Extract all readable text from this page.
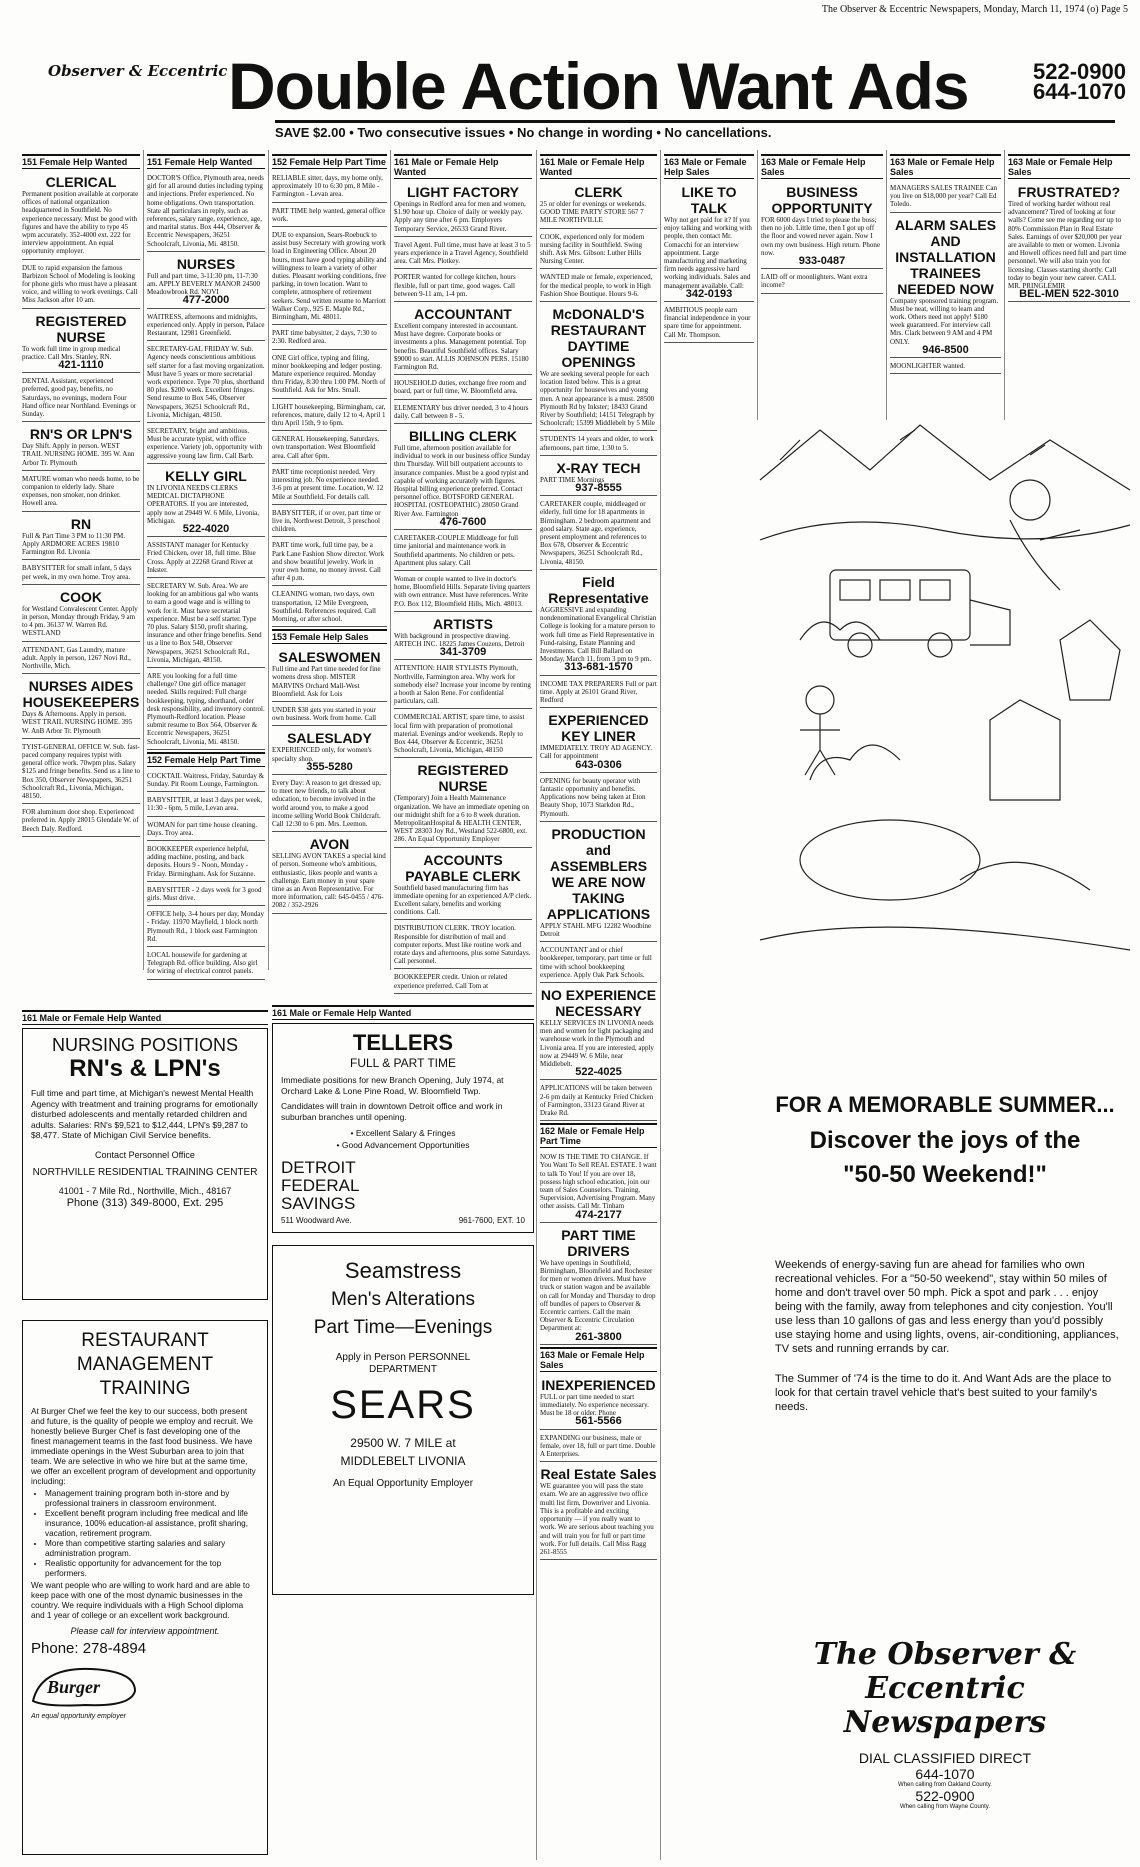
The Observer & Eccentric Newspapers, Monday, March 11, 1974 (o) Page 5
Observer & Eccentric Double Action Want Ads	522-0900
644-1070
SAVE $2.00 • Two consecutive issues • No change in wording • No cancellations.
151 Female Help Wanted
CLERICAL
Permanent position available at corporate offices of national organization headquartered in Southfield. No experience necessary. Must be good with figures and have the ability to type 45 wpm accurately. 352-4000 ext. 222 for interview appointment. An equal opportunity employer.
DUE to rapid expansion the famous Barbizon School of Modeling is looking for phone girls who must have a pleasant voice, and willing to work evenings. Call Miss Jackson after 10 am.
REGISTERED NURSE
To work full time in group medical practice. Call Mrs. Stanley, RN.
421-1110
DENTAL Assistant, experienced preferred, good pay, benefits, no Saturdays, no evenings, modern Four Hand office near Northland. Evenings or Sunday.
RN'S OR LPN'S
Day Shift. Apply in person. WEST TRAIL NURSING HOME. 395 W. Ann Arbor Tr. Plymouth
MATURE woman who needs home, to be companion to elderly lady. Share expenses, non smoker, non drinker. Howell area.
RN
Full & Part Time 3 PM to 11:30 PM. Apply ARDMORE ACRES 19810 Farmington Rd. Livonia
BABYSITTER for small infant, 5 days per week, in my own home. Troy area.
COOK
for Westland Convalescent Center. Apply in person, Monday through Friday, 9 am to 4 pm. 36137 W. Warren Rd. WESTLAND
ATTENDANT, Gas Laundry, mature adult. Apply in person, 1267 Novi Rd., Northville, Mich.
NURSES AIDES HOUSEKEEPERS
Days & Afternoons. Apply in person. WEST TRAIL NURSING HOME. 395 W. AnB Arbor Tr. Plymouth
TYIST-GENERAL OFFICE W. Sub. fast-paced company requires typist with general office work. 70wpm plus. Salary $125 and fringe benefits. Send us a line to Box 350, Observer Newspapers, 36251 Schoolcraft Rd., Livonia, Michigan, 48150.
FOR aluminum door shop. Experienced preferred in. Apply 28015 Glendale W. of Beech Daly. Redford.
151 Female Help Wanted
DOCTOR'S Office, Plymouth area, needs girl for all around duties including typing and injections. Prefer experienced. No home obligations. Own transportation. State all particulars in reply, such as references, salary range, experience, age, and marital status. Box 444, Observer & Eccentric Newspapers, 36251 Schoolcraft, Livonia, Mi. 48150.
NURSES
Full and part time, 3-11:30 pm, 11-7:30 am. APPLY BEVERLY MANOR 24500 Meadowbrook Rd. NOVI
477-2000
WAITRESS, afternoons and midnights, experienced only. Apply in person, Palace Restaurant, 12981 Greenfield.
SECRETARY-GAL FRIDAY W. Sub. Agency needs conscientious ambitious self starter for a fast moving organization. Must have 5 years or more secretarial work experience. Type 70 plus, shorthand 80 plus. $200 week. Excellent fringes. Send resume to Box 546, Observer Newspapers, 36251 Schoolcraft Rd., Livonia, Michigan, 48150.
SECRETARY, bright and ambitious. Must be accurate typist, with office experience. Variety job, opportunity with aggressive young law firm. Call Barb.
KELLY GIRL
IN LIVONIA NEEDS CLERKS MEDICAL DICTAPHONE OPERATORS. If you are interested, apply now at 29449 W. 6 Mile, Livonia, Michigan.
522-4020
ASSISTANT manager for Kentucky Fried Chicken, over 18, full time. Blue Cross. Apply at 22268 Grand River at Inkster.
SECRETARY W. Sub. Area. We are looking for an ambitious gal who wants to earn a good wage and is willing to work for it. Must have secretarial experience. Must be a self starter. Type 70 plus. Salary $150, profit sharing, insurance and other fringe benefits. Send us a line to Box 548, Observer Newspapers, 36251 Schoolcraft Rd., Livonia, Michigan, 48150.
ARE you looking for a full time challenge? One girl office manager needed. Skills required: Full charge bookkeeping, typing, shorthand, order desk responsibility, and inventory control. Plymouth-Redford location. Please submit resume to Box 564, Observer & Eccentric Newspapers, 36251 Schoolcraft, Livonia, Mi. 48150.
152 Female Help Part Time
COCKTAIL Waitress, Friday, Saturday & Sunday. Pit Room Lounge, Farmington.
BABYSITTER, at least 3 days per week, 11:30 - 6pm, 5 mile, Levan area.
WOMAN for part time house cleaning. Days. Troy area.
BOOKKEEPER experience helpful, adding machine, posting, and back deposits. Hours 9 - Noon, Monday - Friday. Birmingham. Ask for Suzanne.
BABYSITTER - 2 days week for 3 good girls. Must drive.
OFFICE help, 3-4 hours per day, Monday - Friday. 11970 Mayfield, 1 block north Plymouth Rd., 1 block east Farmington Rd.
LOCAL housewife for gardening at Telegraph Rd. office building. Also girl for wiring of electrical control panels.
152 Female Help Part Time
RELIABLE sitter, days, my home only, approximately 10 to 6:30 pm, 8 Mile - Farmington - Levan area.
PART TIME help wanted, general office work.
DUE to expansion, Sears-Roebuck to assist busy Secretary with growing work load in Engineering Office. About 20 hours, must have good typing ability and willingness to learn a variety of other duties. Pleasant working conditions, free parking, in town location. Want to complete, atmosphere of retirement seekers. Send written resume to Marriott Walker Corp., 925 E. Maple Rd., Birmingham, Mi. 48011.
PART time babysitter, 2 days, 7:30 to 2:30. Redford area.
ONE Girl office, typing and filing, minor bookkeeping and ledger posting. Mature experience required. Monday thru Friday, 8:30 thru 1:00 PM. North of Southfield. Ask for Mrs. Small.
LIGHT housekeeping, Birmingham, car, references, mature, daily 12 to 4, April 1 thru April 15th, 9 to 6pm.
GENERAL Housekeeping, Saturdays, own transportation. West Bloomfield area. Call after 6pm.
PART time receptionist needed. Very interesting job. No experience needed. 3-6 pm at present time. Location, W. 12 Mile at Southfield. For details call.
BABYSITTER, if or over, part time or live in, Northwest Detroit, 3 preschool children.
PART time work, full time pay, be a Park Lane Fashion Show director. Work and show beautiful jewelry. Work in your own home, no money invest. Call after 4 p.m.
CLEANING woman, two days, own transportation, 12 Mile Evergreen, Southfield. References required. Call Morning, or after school.
153 Female Help Sales
SALESWOMEN
Full time and Part time needed for fine womens dress shop. MISTER MARVINS Orchard Mall-West Bloomfield. Ask for Lois
UNDER $38 gets you started in your own business. Work from home. Call
SALESLADY
EXPERIENCED only, for women's specialty shop.
355-5280
Every Day: A reason to get dressed up, to meet new friends, to talk about education, to become involved in the world around you, to make a good income selling World Book Childcraft. Call 12:30 to 6 pm. Mrs. Leemon.
AVON
SELLING AVON TAKES a special kind of person. Someone who's ambitious, enthusiastic, likes people and wants a challenge. Earn money in your spare time as an Avon Representative. For more information, call: 645-0455 / 476-2082 / 352-2926
161 Male or Female Help Wanted
LIGHT FACTORY
Openings in Redford area for men and women, $1.90 hour up. Choice of daily or weekly pay. Apply any time after 6 pm. Employers Temporary Service, 26533 Grand River.
Travel Agent. Full time, must have at least 3 to 5 years experience in a Travel Agency, Southfield area. Call Mrs. Plotkey.
PORTER wanted for college kitchen, hours flexible, full or part time, good wages. Call between 9-11 am, 1-4 pm.
ACCOUNTANT
Excellent company interested in accountant. Must have degree. Corporate books or investments a plus. Management potential. Top benefits. Beautiful Southfield offices. Salary $9000 to start. ALLIS JOHNSON PERS. 15180 Farmington Rd.
HOUSEHOLD duties, exchange free room and board, part or full time, W. Bloomfield area.
ELEMENTARY bus driver needed, 3 to 4 hours daily. Call between 8 - 5.
BILLING CLERK
Full time, afternoon position available for individual to work in our business office Sunday thru Thursday. Will bill outpatient accounts to insurance companies. Must be a good typist and capable of working accurately with figures. Hospital billing experience preferred. Contact personnel office. BOTSFORD GENERAL HOSPITAL (OSTEOPATHIC) 28050 Grand River Ave. Farmington
476-7600
CARETAKER-COUPLE Middleage for full time janitorial and maintenance work in Southfield apartments. No children or pets. Apartment plus salary. Call
Woman or couple wanted to live in doctor's home, Bloomfield Hills. Separate living quarters with own entrance. Must have references. Write P.O. Box 112, Bloomfield Hills, Mich. 48013.
ARTISTS
With background in prospective drawing. ARTECH INC. 18225 James Couzens, Detroit
341-3709
ATTENTION: HAIR STYLISTS Plymouth, Northville, Farmington area. Why work for somebody else? Increase your income by renting a booth at Salon Rene. For confidential particulars, call.
COMMERCIAL ARTIST, spare time, to assist local firm with preparation of promotional material. Evenings and/or weekends. Reply to Box 444, Observer & Eccentric, 36251 Schoolcraft, Livonia, Michigan, 48150
REGISTERED NURSE
(Temporary) Join a Health Maintenance organization. We have an immediate opening on our midnight shift for a 6 to 8 week duration. MetropolitanHospital & HEALTH CENTER, WEST 28303 Joy Rd., Westland 522-6800, ext. 286. An Equal Opportunity Employer
ACCOUNTS PAYABLE CLERK
Southfield based manufacturing firm has immediate opening for an experienced A/P clerk. Excellent salary, benefits and working conditions. Call.
DISTRIBUTION CLERK. TROY location. Responsible for distribution of mail and computer reports. Must like routine work and rotate days and afternoons, plus some Saturdays. Call personnel.
BOOKKEEPER credit. Union or related experience preferred. Call Tom at
161 Male or Female Help Wanted
CLERK
25 or older for evenings or weekends. GOOD TIME PARTY STORE 567 7 MILE NORTHVILLE
COOK, experienced only for modern nursing facility in Southfield. Swing shift. Ask Mrs. Gibson: Luther Hills Nursing Center.
WANTED male or female, experienced, for the medical people, to work in High Fashion Shoe Boutique. Hours 9-6.
McDONALD'S RESTAURANT DAYTIME OPENINGS
We are seeking several people for each location listed below. This is a great opportunity for housewives and young men. A neat appearance is a must. 28500 Plymouth Rd by Inkster; 18433 Grand River by Southfield; 14151 Telegraph by Schoolcraft; 15399 Middlebelt by 5 Mile
STUDENTS 14 years and older, to work afternoons, part time, 1:30 to 5.
X-RAY TECH
PART TIME Mornings
937-8555
CARETAKER couple, middleaged or elderly, full time for 18 apartments in Birmingham. 2 bedroom apartment and good salary. State age, experience, present employment and references to Box 678, Observer & Eccentric Newspapers, 36251 Schoolcraft Rd., Livonia, 48150.
Field Representative
AGGRESSIVE and expanding nondenominational Evangelical Christian College is looking for a mature person to work full time as Field Representative in Fund-raising, Estate Planning and Investments. Call Bill Ballard on Monday, March 11, from 3 pm to 9 pm.
313-681-1570
INCOME TAX PREPARERS Full or part time. Apply at 26101 Grand River, Redford
EXPERIENCED KEY LINER
IMMEDIATELY. TROY AD AGENCY. Call for appointment
643-0306
OPENING for beauty operator with fantastic opportunity and benefits. Applications now being taken at Eton Beauty Shop, 1073 Starkdon Rd., Plymouth.
PRODUCTION and ASSEMBLERS WE ARE NOW TAKING APPLICATIONS
APPLY STAHL MFG 12282 Woodbine Detroit
ACCOUNTANT and or chief bookkeeper, temporary, part time or full time with school bookkeeping experience. Apply Oak Park Schools.
NO EXPERIENCE NECESSARY
KELLY SERVICES IN LIVONIA needs men and women for light packaging and warehouse work in the Plymouth and Livonia area. If you are interested, apply now at 29449 W. 6 Mile, near Middlebelt.
522-4025
APPLICATIONS will be taken between 2-6 pm daily at Kentucky Fried Chicken of Farmington, 33123 Grand River at Drake Rd.
162 Male or Female Help Part Time
NOW IS THE TIME TO CHANGE. If You Want To Sell REAL ESTATE. I want to talk To You! If you are over 18, possess high school education, join our team of Sales Counselors. Training, Supervision, Advertising Program. Many other assists. Call Mr. Tinham
474-2177
PART TIME DRIVERS
We have openings in Southfield, Birmingham, Bloomfield and Rochester for men or women drivers. Must have truck or station wagon and be available on call for Monday and Thursday to drop off bundles of papers to Observer & Eccentric carriers. Call the main Observer & Eccentric Circulation Department at:
261-3800
163 Male or Female Help Sales
INEXPERIENCED
FULL or part time needed to start immediately. No experience necessary. Must be 18 or older. Phone
561-5566
EXPANDING our business, male or female, over 18, full or part time. Double A Enterprises.
Real Estate Sales
WE guarantee you will pass the state exam. We are an aggressive two office multi list firm, Downriver and Livonia. This is a profitable and exciting opportunity — if you really want to work. We are serious about teaching you and will train you for full or part time work. For full details. Call Miss Ragg 261-8555
163 Male or Female Help Sales
LIKE TO TALK
Why not get paid for it? If you enjoy talking and working with people, then contact Mr. Comacchi for an interview appointment. Large manufacturing and marketing firm needs aggressive hard working individuals. Sales and management available. Call:
342-0193
AMBITIOUS people earn financial independence in your spare time for appointment. Call Mr. Thompson.
163 Male or Female Help Sales
BUSINESS OPPORTUNITY
FOR 6000 days I tried to please the boss; then no job. Little time, then I got up off the floor and vowed never again. Now I own my own business. High return. Phone now.
933-0487
LAID off or moonlighters. Want extra income?
163 Male or Female Help Sales
MANAGERS SALES TRAINEE Can you live on $18,000 per year? Call Ed Toledo.
ALARM SALES AND INSTALLATION TRAINEES NEEDED NOW
Company sponsored training program. Must be neat, willing to learn and work. Others need not apply! $180 week guaranteed. For interview call Mrs. Clark between 9 AM and 4 PM ONLY.
946-8500
MOONLIGHTER wanted.
163 Male or Female Help Sales
FRUSTRATED?
Tired of working harder without real advancement? Tired of looking at four walls? Come see me regarding our up to 80% Commission Plan in Real Estate Sales. Earnings of over $20,000 per year are available to men or women. Livonia and Howell offices need full and part time personnel. We will also train you for licensing. Classes starting shortly. Call today to begin your new career. CALL MR. PRINGLEMIR
BEL-MEN 522-3010
161 Male or Female Help Wanted
NURSING POSITIONS
RN's & LPN's

Full time and part time, at Michigan's newest Mental Health Agency with treatment and training programs for emotionally disturbed adolescents and mentally retarded children and adults. Salaries: RN's $9,521 to $12,444, LPN's $9,287 to $8,477. State of Michigan Civil Service benefits.

Contact Personnel Office

NORTHVILLE RESIDENTIAL TRAINING CENTER

41001 - 7 Mile Rd., Northville, Mich., 48167

Phone (313) 349-8000, Ext. 295

RESTAURANT MANAGEMENT TRAINING

At Burger Chef we feel the key to our success, both present and future, is the quality of people we employ and recruit. We honestly believe Burger Chef is fast developing one of the finest management teams in the fast food business. We have immediate openings in the West Suburban area to join that team. We are selective in who we hire but at the same time, we offer an excellent program of development and opportunity including:

• Management training program both in-store and by professional trainers in classroom environment.
• Excellent benefit program including free medical and life insurance, 100% education-al assistance, profit sharing, vacation, retirement program.
• More than competitive starting salaries and salary administration program.
• Realistic opportunity for advancement for the top performers.

We want people who are willing to work hard and are able to keep pace with one of the most dynamic businesses in the country. We require individuals with a High School diploma and 1 year of college or an excellent work background.

Please call for interview appointment.

Phone: 278-4894

Burger

An equal opportunity employer

161 Male or Female Help Wanted
TELLERS
FULL & PART TIME

Immediate positions for new Branch Opening, July 1974, at Orchard Lake & Lone Pine Road, W. Bloomfield Twp.

Candidates will train in downtown Detroit office and work in suburban branches until opening.

• Excellent Salary & Fringes

• Good Advancement Opportunities

DETROIT FEDERAL SAVINGS
511 Woodward Ave.	961-7600, EXT. 10
Seamstress
Men's Alterations
Part Time—Evenings
Apply in Person PERSONNEL DEPARTMENT
SEARS
29500 W. 7 MILE at MIDDLEBELT LIVONIA
An Equal Opportunity Employer
FOR A MEMORABLE SUMMER...
Discover the joys of the
"50-50 Weekend!"

Weekends of energy-saving fun are ahead for families who own recreational vehicles. For a "50-50 weekend", stay within 50 miles of home and don't travel over 50 mph. Pick a spot and park . . . enjoy being with the family, away from telephones and city conjestion. You'll use less than 10 gallons of gas and less energy than you'd possibly use staying home and using lights, ovens, air-conditioning, appliances, TV sets and running errands by car.

The Summer of '74 is the time to do it. And Want Ads are the place to look for that certain travel vehicle that's best suited to your family's needs.

The Observer & Eccentric
Newspapers
DIAL CLASSIFIED DIRECT
644-1070
When calling from Oakland County.
522-0900
When calling from Wayne County.
